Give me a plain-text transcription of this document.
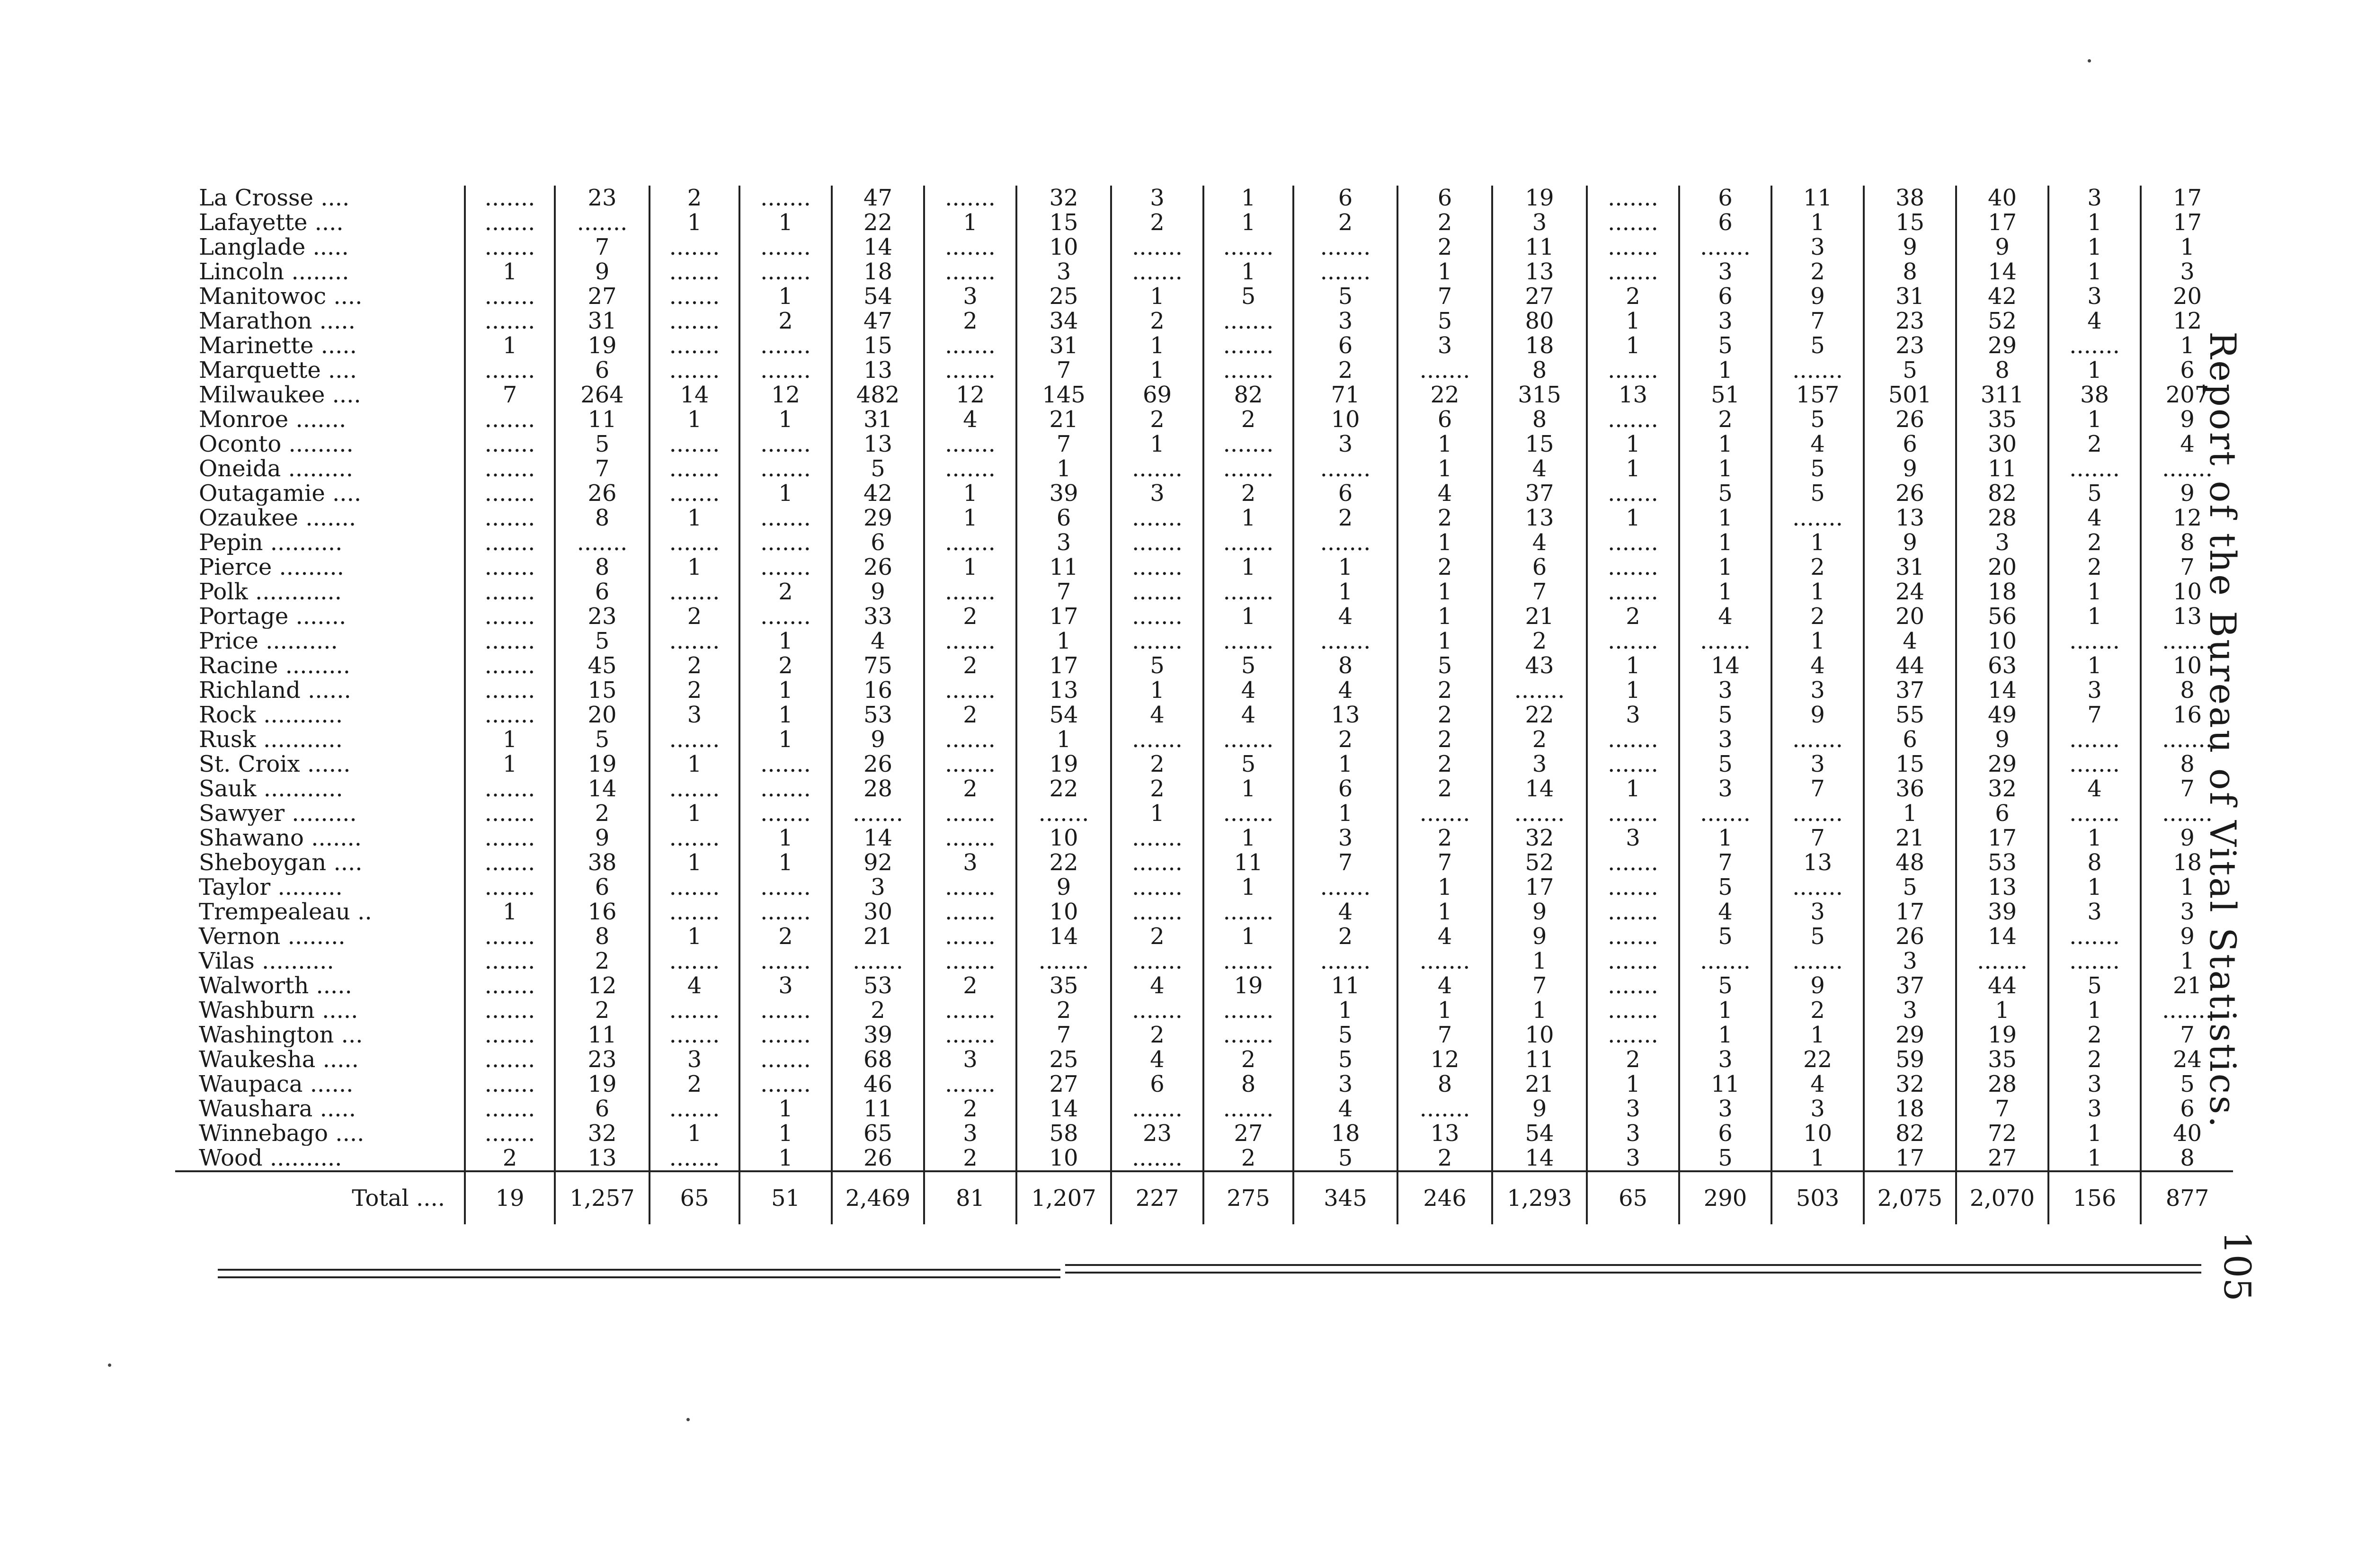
La Crosse ....	.......	23	2	.......	47	.......	32	3	1	6	6	19	.......	6	11	38	40	3	17
Lafayette ....	.......	.......	1	1	22	1	15	2	1	2	2	3	.......	6	1	15	17	1	17
Langlade .....	.......	7	.......	.......	14	.......	10	.......	.......	.......	2	11	.......	.......	3	9	9	1	1
Lincoln ........	1	9	.......	.......	18	.......	3	.......	1	.......	1	13	.......	3	2	8	14	1	3
Manitowoc ....	.......	27	.......	1	54	3	25	1	5	5	7	27	2	6	9	31	42	3	20
Marathon .....	.......	31	.......	2	47	2	34	2	.......	3	5	80	1	3	7	23	52	4	12
Marinette .....	1	19	.......	.......	15	.......	31	1	.......	6	3	18	1	5	5	23	29	.......	1
Marquette ....	.......	6	.......	.......	13	.......	7	1	.......	2	.......	8	.......	1	.......	5	8	1	6
Milwaukee ....	7	264	14	12	482	12	145	69	82	71	22	315	13	51	157	501	311	38	207
Monroe .......	.......	11	1	1	31	4	21	2	2	10	6	8	.......	2	5	26	35	1	9
Oconto .........	.......	5	.......	.......	13	.......	7	1	.......	3	1	15	1	1	4	6	30	2	4
Oneida .........	.......	7	.......	.......	5	.......	1	.......	.......	.......	1	4	1	1	5	9	11	.......	.......
Outagamie ....	.......	26	.......	1	42	1	39	3	2	6	4	37	.......	5	5	26	82	5	9
Ozaukee .......	.......	8	1	.......	29	1	6	.......	1	2	2	13	1	1	.......	13	28	4	12
Pepin ..........	.......	.......	.......	.......	6	.......	3	.......	.......	.......	1	4	.......	1	1	9	3	2	8
Pierce .........	.......	8	1	.......	26	1	11	.......	1	1	2	6	.......	1	2	31	20	2	7
Polk ............	.......	6	.......	2	9	.......	7	.......	.......	1	1	7	.......	1	1	24	18	1	10
Portage .......	.......	23	2	.......	33	2	17	.......	1	4	1	21	2	4	2	20	56	1	13
Price ..........	.......	5	.......	1	4	.......	1	.......	.......	.......	1	2	.......	.......	1	4	10	.......	.......
Racine .........	.......	45	2	2	75	2	17	5	5	8	5	43	1	14	4	44	63	1	10
Richland ......	.......	15	2	1	16	.......	13	1	4	4	2	.......	1	3	3	37	14	3	8
Rock ...........	.......	20	3	1	53	2	54	4	4	13	2	22	3	5	9	55	49	7	16
Rusk ...........	1	5	.......	1	9	.......	1	.......	.......	2	2	2	.......	3	.......	6	9	.......	.......
St. Croix ......	1	19	1	.......	26	.......	19	2	5	1	2	3	.......	5	3	15	29	.......	8
Sauk ...........	.......	14	.......	.......	28	2	22	2	1	6	2	14	1	3	7	36	32	4	7
Sawyer .........	.......	2	1	.......	.......	.......	.......	1	.......	1	.......	.......	.......	.......	.......	1	6	.......	.......
Shawano .......	.......	9	.......	1	14	.......	10	.......	1	3	2	32	3	1	7	21	17	1	9
Sheboygan ....	.......	38	1	1	92	3	22	.......	11	7	7	52	.......	7	13	48	53	8	18
Taylor .........	.......	6	.......	.......	3	.......	9	.......	1	.......	1	17	.......	5	.......	5	13	1	1
Trempealeau ..	1	16	.......	.......	30	.......	10	.......	.......	4	1	9	.......	4	3	17	39	3	3
Vernon ........	.......	8	1	2	21	.......	14	2	1	2	4	9	.......	5	5	26	14	.......	9
Vilas ..........	.......	2	.......	.......	.......	.......	.......	.......	.......	.......	.......	1	.......	.......	.......	3	.......	.......	1
Walworth .....	.......	12	4	3	53	2	35	4	19	11	4	7	.......	5	9	37	44	5	21
Washburn .....	.......	2	.......	.......	2	.......	2	.......	.......	1	1	1	.......	1	2	3	1	1	.......
Washington ...	.......	11	.......	.......	39	.......	7	2	.......	5	7	10	.......	1	1	29	19	2	7
Waukesha .....	.......	23	3	.......	68	3	25	4	2	5	12	11	2	3	22	59	35	2	24
Waupaca ......	.......	19	2	.......	46	.......	27	6	8	3	8	21	1	11	4	32	28	3	5
Waushara .....	.......	6	.......	1	11	2	14	.......	.......	4	.......	9	3	3	3	18	7	3	6
Winnebago ....	.......	32	1	1	65	3	58	23	27	18	13	54	3	6	10	82	72	1	40
Wood ..........	2	13	.......	1	26	2	10	.......	2	5	2	14	3	5	1	17	27	1	8
Total ....	19	1,257	65	51	2,469	81	1,207	227	275	345	246	1,293	65	290	503	2,075	2,070	156	877
Report of the Bureau of Vital Statistics.
105
